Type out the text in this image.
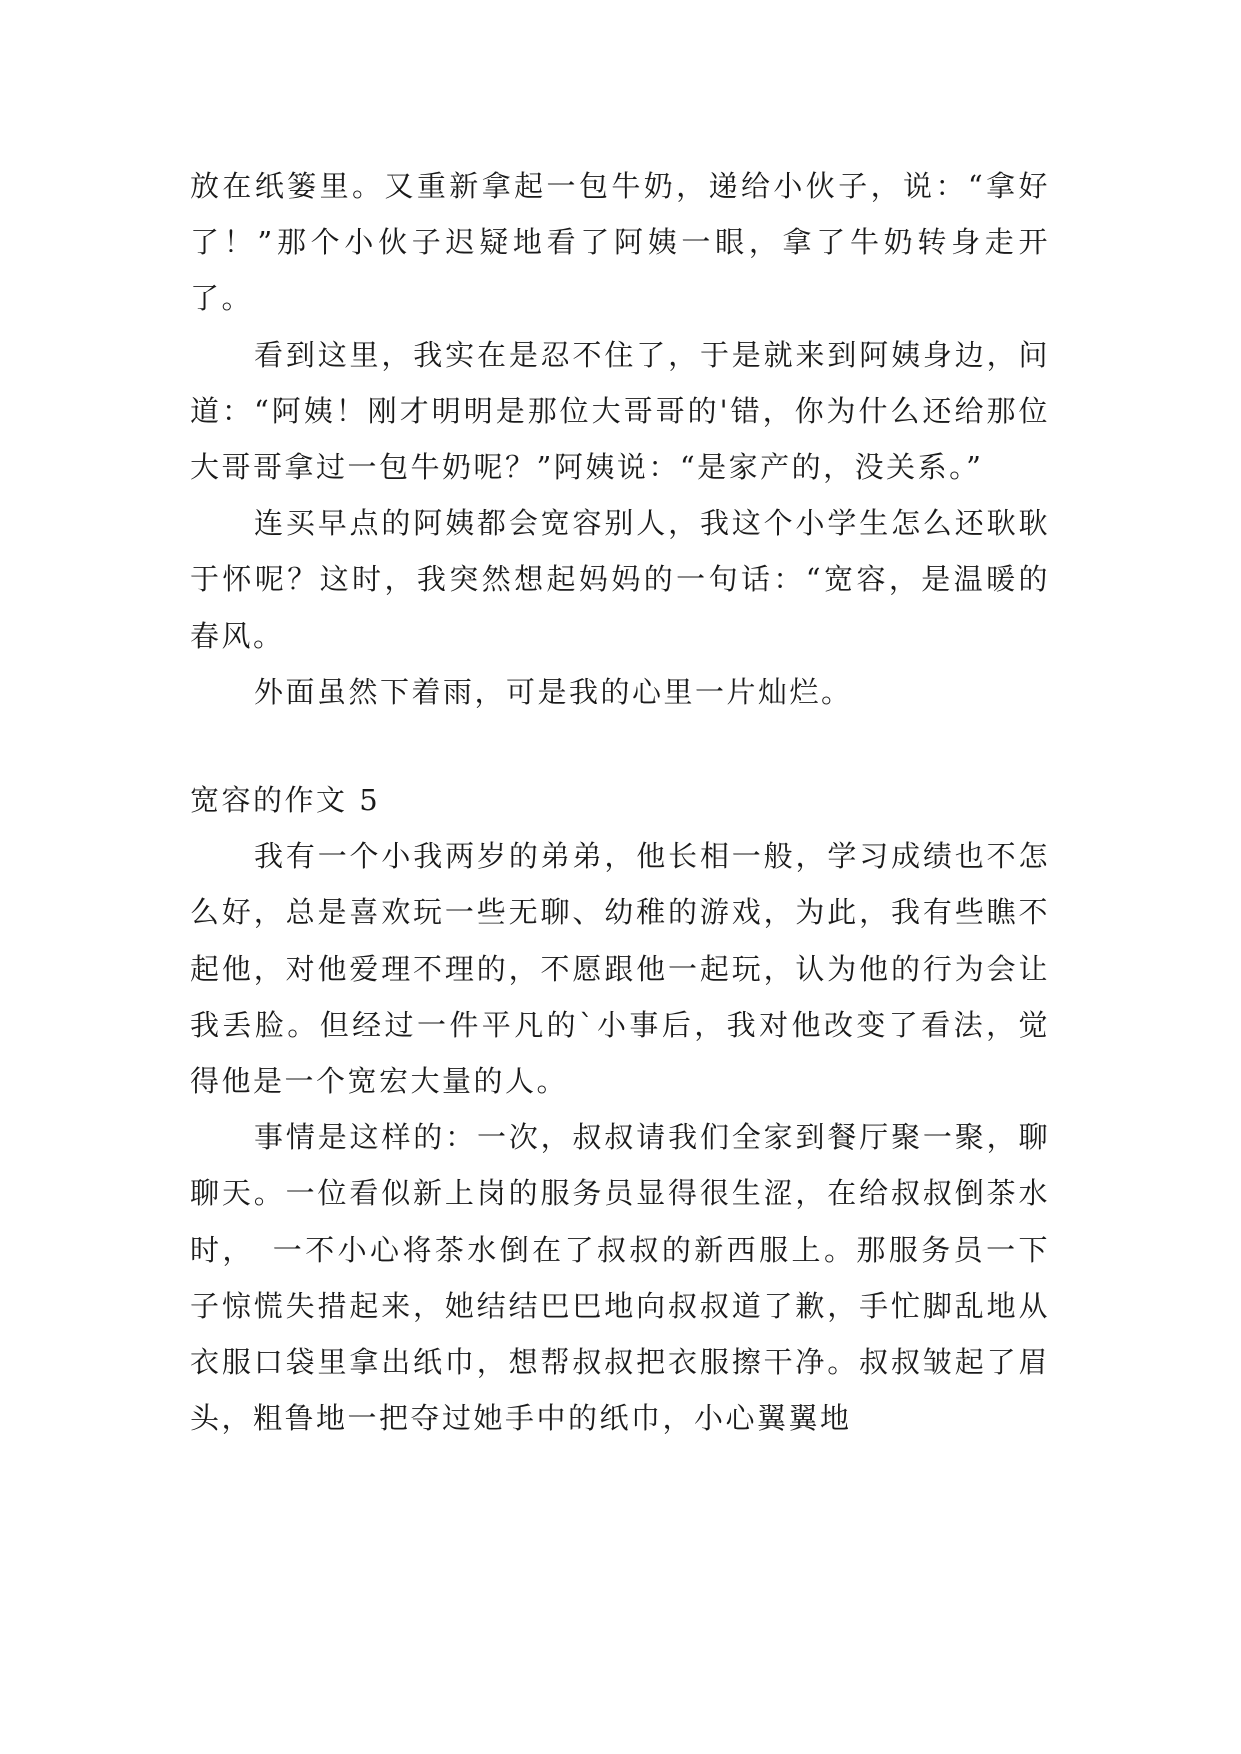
放在纸篓里。又重新拿起一包牛奶，递给小伙子，说：“拿好了！”那个小伙子迟疑地看了阿姨一眼，拿了牛奶转身走开了。

看到这里，我实在是忍不住了，于是就来到阿姨身边，问道：“阿姨！刚才明明是那位大哥哥的'错，你为什么还给那位大哥哥拿过一包牛奶呢？”阿姨说：“是家产的，没关系。”

连买早点的阿姨都会宽容别人，我这个小学生怎么还耿耿于怀呢？这时，我突然想起妈妈的一句话：“宽容，是温暖的春风。

外面虽然下着雨，可是我的心里一片灿烂。

宽容的作文 5

我有一个小我两岁的弟弟，他长相一般，学习成绩也不怎么好，总是喜欢玩一些无聊、幼稚的游戏，为此，我有些瞧不起他，对他爱理不理的，不愿跟他一起玩，认为他的行为会让我丢脸。但经过一件平凡的`小事后，我对他改变了看法，觉得他是一个宽宏大量的人。

事情是这样的：一次，叔叔请我们全家到餐厅聚一聚，聊聊天。一位看似新上岗的服务员显得很生涩，在给叔叔倒茶水时，　一不小心将茶水倒在了叔叔的新西服上。那服务员一下子惊慌失措起来，她结结巴巴地向叔叔道了歉，手忙脚乱地从衣服口袋里拿出纸巾，想帮叔叔把衣服擦干净。叔叔皱起了眉头，粗鲁地一把夺过她手中的纸巾，小心翼翼地
